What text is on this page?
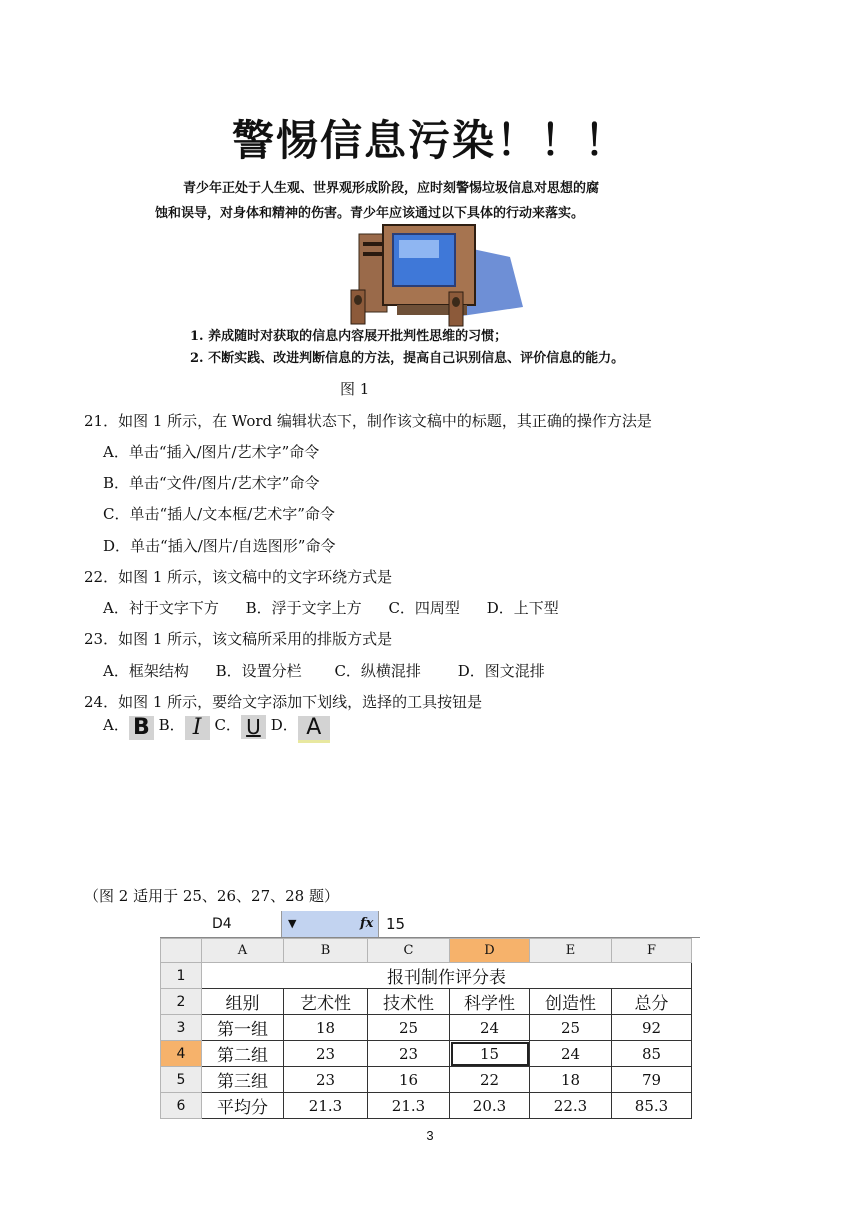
警惕信息污染！！！
青少年正处于人生观、世界观形成阶段，应时刻警惕垃圾信息对思想的腐
蚀和误导，对身体和精神的伤害。青少年应该通过以下具体的行动来落实。
1. 养成随时对获取的信息内容展开批判性思维的习惯；
2. 不断实践、改进判断信息的方法，提高自己识别信息、评价信息的能力。
图 1
21．如图 1 所示，在 Word 编辑状态下，制作该文稿中的标题，其正确的操作方法是
A．单击“插入/图片/艺术字”命令
B．单击“文件/图片/艺术字”命令
C．单击“插人/文本框/艺术字”命令
D．单击“插入/图片/自选图形”命令
22．如图 1 所示，该文稿中的文字环绕方式是
A．衬于文字下方 B．浮于文字上方 C．四周型 D．上下型
23．如图 1 所示，该文稿所采用的排版方式是
A．框架结构 B．设置分栏 C．纵横混排 D．图文混排
24．如图 1 所示，要给文字添加下划线，选择的工具按钮是
A． B B． I C． U D． A
（图 2 适用于 25、26、27、28 题）
D4	▼	fx 15
	A	B	C	D	E	F
1	报刊制作评分表					
2	组别	艺术性	技术性	科学性	创造性	总分
3	第一组	18	25	24	25	92
4	第二组	23	23	15	24	85
5	第三组	23	16	22	18	79
6	平均分	21.3	21.3	20.3	22.3	85.3
3
